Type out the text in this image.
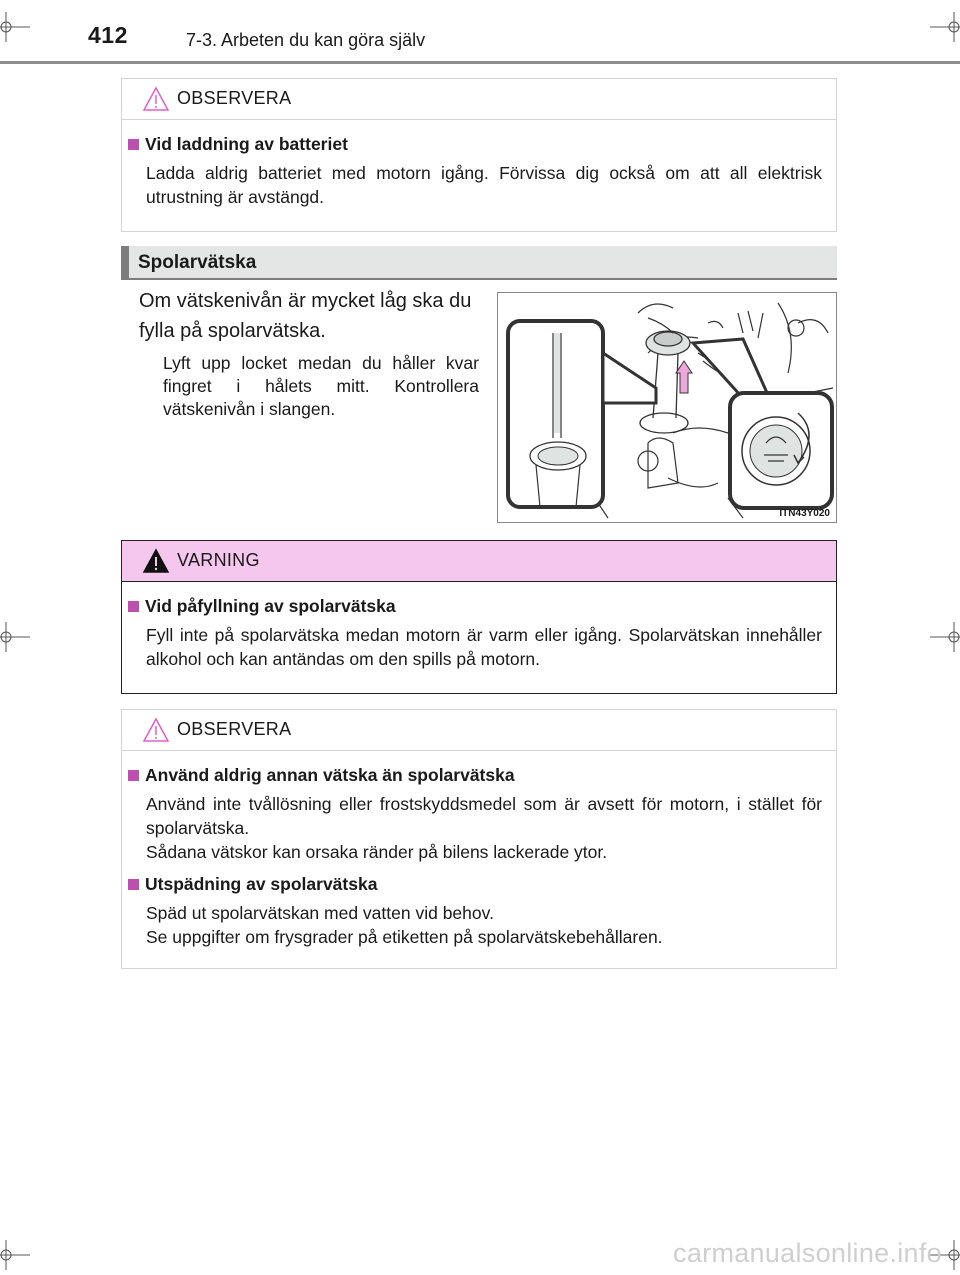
412	7-3. Arbeten du kan göra själv
OBSERVERA
Vid laddning av batteriet
Ladda aldrig batteriet med motorn igång. Förvissa dig också om att all elektrisk utrustning är avstängd.
Spolarvätska
Om vätskenivån är mycket låg ska du fylla på spolarvätska.
Lyft upp locket medan du håller kvar fingret i hålets mitt. Kontrollera vätskenivån i slangen.
ITN43Y020
VARNING
Vid påfyllning av spolarvätska
Fyll inte på spolarvätska medan motorn är varm eller igång. Spolarvätskan innehåller alkohol och kan antändas om den spills på motorn.
OBSERVERA
Använd aldrig annan vätska än spolarvätska
Använd inte tvållösning eller frostskyddsmedel som är avsett för motorn, i stället för spolarvätska.
Sådana vätskor kan orsaka ränder på bilens lackerade ytor.
Utspädning av spolarvätska
Späd ut spolarvätskan med vatten vid behov.
Se uppgifter om frysgrader på etiketten på spolarvätskebehållaren.
carmanualsonline.info
